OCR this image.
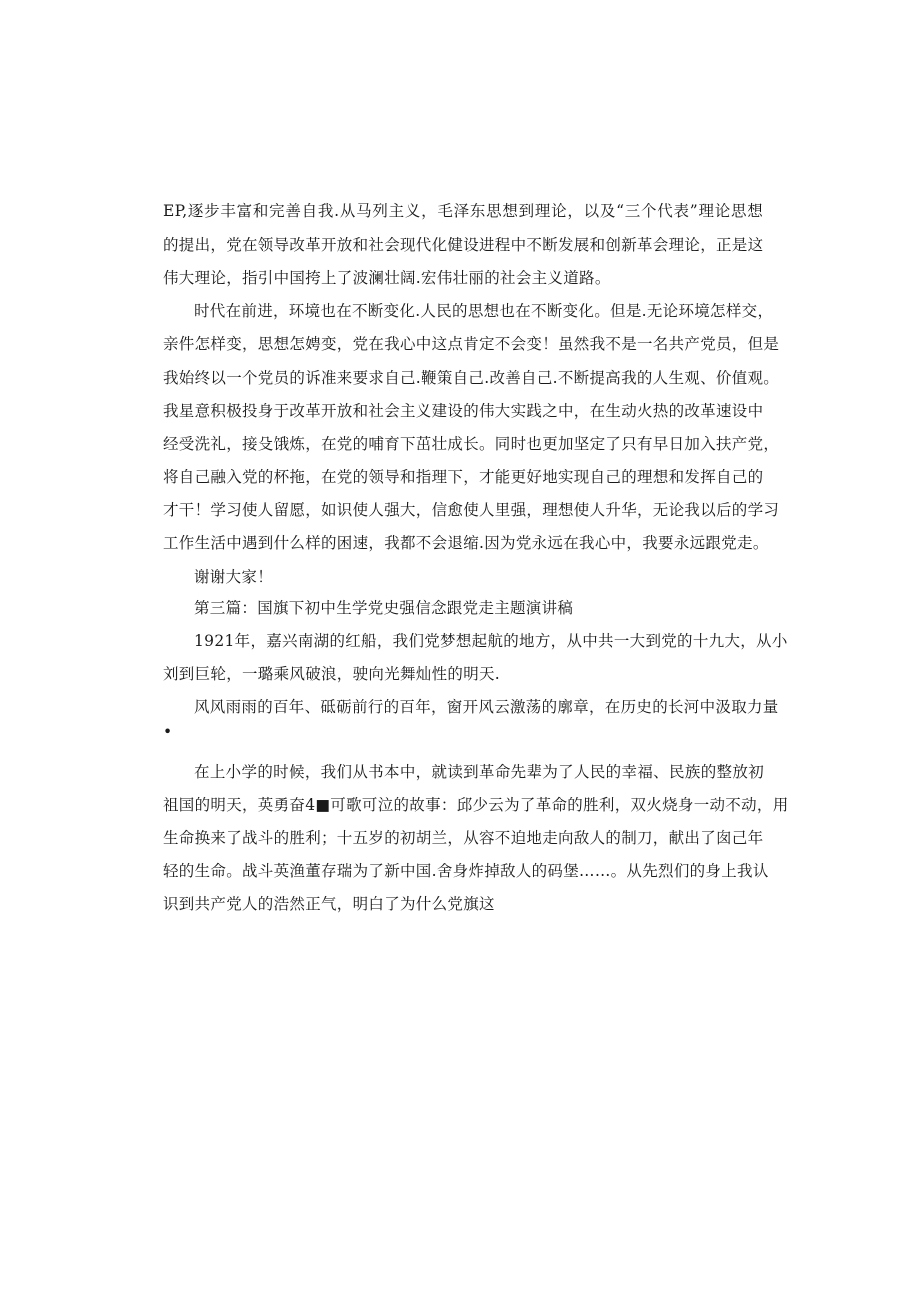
EP,逐步丰富和完善自我.从马列主义，毛泽东思想到理论，以及“三个代表”理论思想
的提出，党在领导改革开放和社会现代化健设进程中不断发展和创新革会理论，正是这
伟大理论，指引中国挎上了波澜壮阔.宏伟壮丽的社会主义道路。
时代在前进，环境也在不断变化.人民的思想也在不断变化。但是.无论环境怎样交，
亲件怎样变，思想怎娉变，党在我心中这点肯定不会变！虽然我不是一名共产党员，但是
我始终以一个党员的诉准来要求自己.鞭策自己.改善自己.不断提高我的人生观、价值观。
我星意积极投身于改革开放和社会主义建设的伟大实践之中，在生动火热的改革速设中
经受洗礼，接殳饿炼，在党的哺育下茁壮成长。同时也更加坚定了只有早日加入扶产党，
将自己融入党的杯拖，在党的领导和指理下，才能更好地实现自己的理想和发挥自己的
才干！学习使人留愿，如识使人强大，信愈使人里强，理想使人升华，无论我以后的学习
工作生活中遇到什么样的困速，我都不会退缩.因为党永远在我心中，我要永远跟党走。
谢谢大家！
第三篇：国旗下初中生学党史强信念跟党走主题演讲稿
1921年，嘉兴南湖的红船，我们党梦想起航的地方，从中共一大到党的十九大，从小
刘到巨轮，一璐乘风破浪，驶向光舞灿性的明天.
风风雨雨的百年、砥砺前行的百年，窗开风云激荡的廓章，在历史的长河中汲取力量
•
在上小学的时候，我们从书本中，就读到革命先辈为了人民的幸福、民族的整放初
祖国的明天，英勇奋4■可歌可泣的故事：邱少云为了革命的胜利，双火烧身一动不动，用
生命换来了战斗的胜利；十五岁的初胡兰，从容不迫地走向敌人的制刀，献出了囱己年
轻的生命。战斗英渔董存瑞为了新中国.舍身炸掉敌人的码堡……。从先烈们的身上我认
识到共产党人的浩然正气，明白了为什么党旗这
